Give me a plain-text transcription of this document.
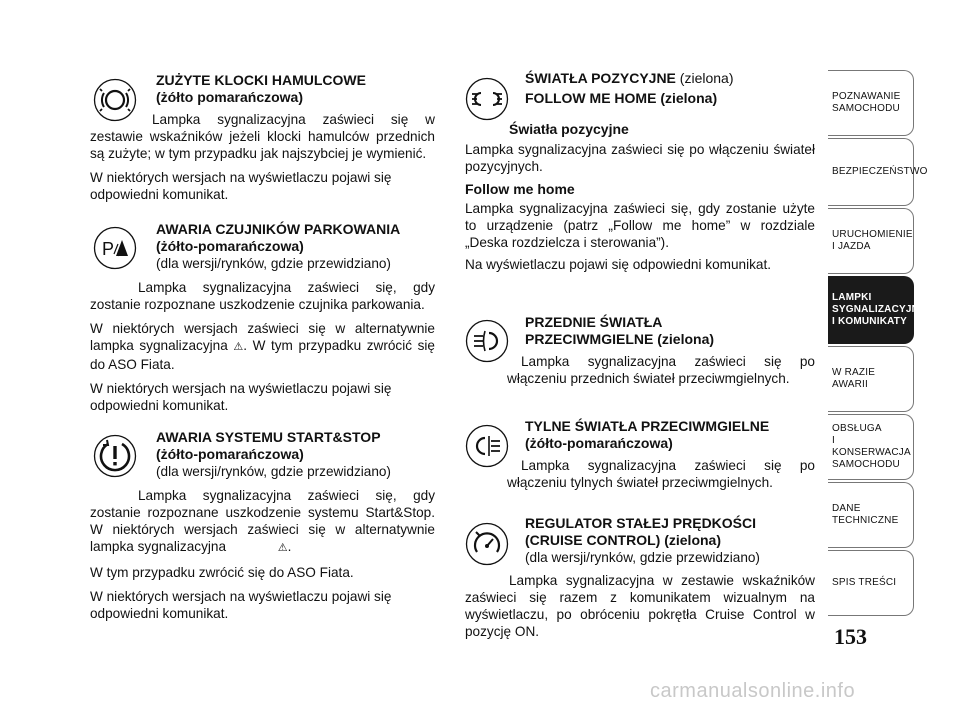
ZUŻYTE KLOCKI HAMULCOWE

(żółto pomarańczowa)

Lampka sygnalizacyjna zaświeci się w zestawie wskaźników jeżeli klocki hamulców przednich są zużyte; w tym przypadku jak najszybciej je wymienić.

W niektórych wersjach na wyświetlaczu pojawi się odpowiedni komunikat.

P

AWARIA CZUJNIKÓW PARKOWANIA

(żółto-pomarańczowa)

(dla wersji/rynków, gdzie przewidziano)

Lampka sygnalizacyjna zaświeci się, gdy zostanie rozpoznane uszkodzenie czujnika parkowania.

W niektórych wersjach zaświeci się w alternatywnie lampka sygnalizacyjna ⚠. W tym przypadku zwrócić się do ASO Fiata.

W niektórych wersjach na wyświetlaczu pojawi się odpowiedni komunikat.

AWARIA SYSTEMU START&STOP

(żółto-pomarańczowa)

(dla wersji/rynków, gdzie przewidziano)

Lampka sygnalizacyjna zaświeci się, gdy zostanie rozpoznane uszkodzenie systemu Start&Stop. W niektórych wersjach zaświeci się w alternatywnie lampka sygnalizacyjna	⚠.

W tym przypadku zwrócić się do ASO Fiata.

W niektórych wersjach na wyświetlaczu pojawi się odpowiedni komunikat.

ŚWIATŁA POZYCYJNE (zielona)

FOLLOW ME HOME (zielona)

Światła pozycyjne

Lampka sygnalizacyjna zaświeci się po włączeniu świateł pozycyjnych.

Follow me home

Lampka sygnalizacyjna zaświeci się, gdy zostanie użyte to urządzenie (patrz „Follow me home” w rozdziale „Deska rozdzielcza i sterowania”).

Na wyświetlaczu pojawi się odpowiedni komunikat.

PRZEDNIE ŚWIATŁA

PRZECIWMGIELNE (zielona)

Lampka sygnalizacyjna zaświeci się po włączeniu przednich świateł przeciwmgielnych.

TYLNE ŚWIATŁA PRZECIWMGIELNE

(żółto-pomarańczowa)

Lampka sygnalizacyjna zaświeci się po włączeniu tylnych świateł przeciwmgielnych.

REGULATOR STAŁEJ PRĘDKOŚCI

(CRUISE CONTROL) (zielona)

(dla wersji/rynków, gdzie przewidziano)

Lampka sygnalizacyjna w zestawie wskaźników zaświeci się razem z komunikatem wizualnym na wyświetlaczu, po obróceniu pokrętła Cruise Control w pozycję ON.

POZNAWANIE
SAMOCHODU
BEZPIECZEŃSTWO
URUCHOMIENIE
I JAZDA
LAMPKI
SYGNALIZACYJNE
I KOMUNIKATY
W RAZIE AWARII
OBSŁUGA
I KONSERWACJA
SAMOCHODU
DANE
TECHNICZNE
SPIS TREŚCI
153
carmanualsonline.info
